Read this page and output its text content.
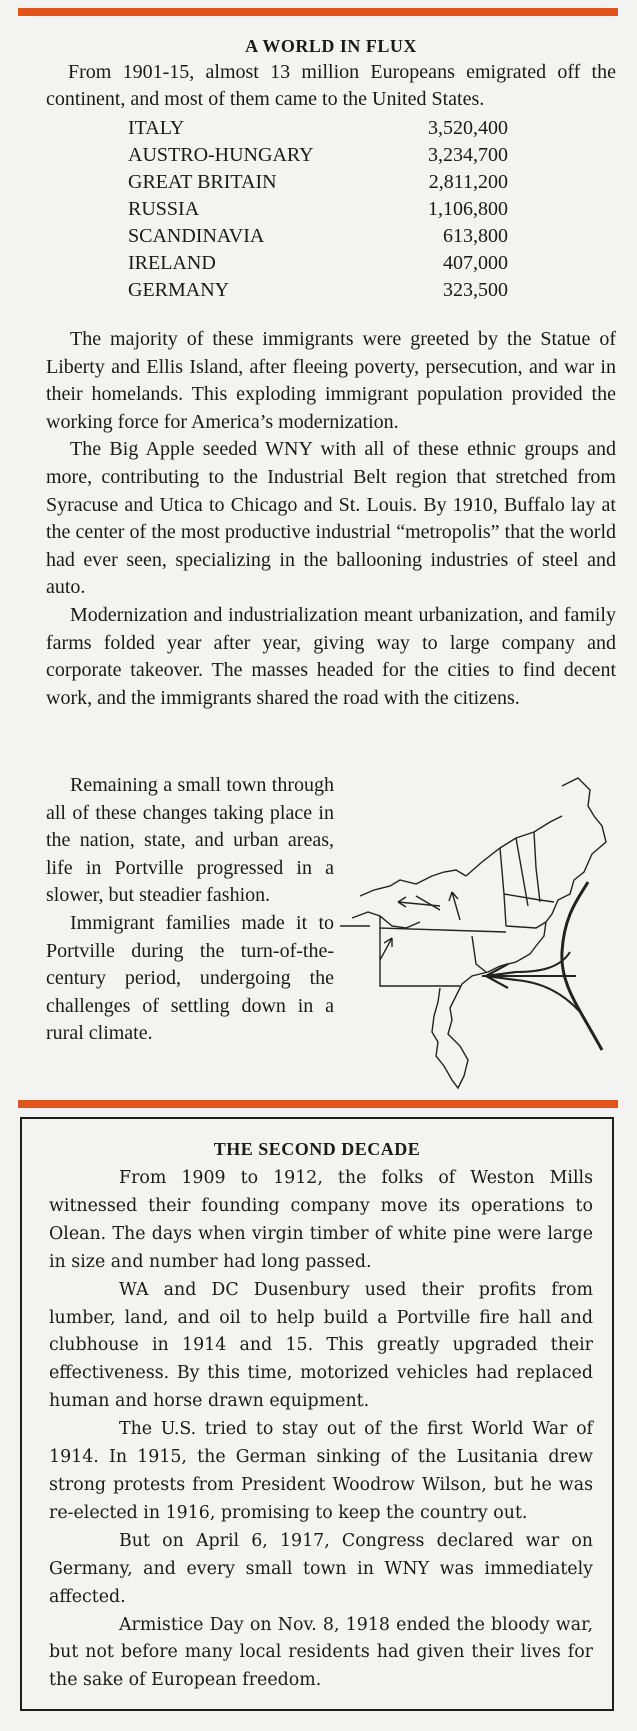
A WORLD IN FLUX
From 1901-15, almost 13 million Europeans emigrated off the continent, and most of them came to the United States.
ITALY	3,520,400
AUSTRO-HUNGARY	3,234,700
GREAT BRITAIN	2,811,200
RUSSIA	1,106,800
SCANDINAVIA	613,800
IRELAND	407,000
GERMANY	323,500

The majority of these immigrants were greeted by the Statue of Liberty and Ellis Island, after fleeing poverty, persecution, and war in their homelands. This exploding immigrant population provided the working force for America’s modernization.

The Big Apple seeded WNY with all of these ethnic groups and more, contributing to the Industrial Belt region that stretched from Syracuse and Utica to Chicago and St. Louis. By 1910, Buffalo lay at the center of the most productive industrial “metropolis” that the world had ever seen, specializing in the ballooning industries of steel and auto.

Modernization and industrialization meant urbanization, and family farms folded year after year, giving way to large company and corporate takeover. The masses headed for the cities to find decent work, and the immigrants shared the road with the citizens.

Remaining a small town through all of these changes taking place in the nation, state, and urban areas, life in Portville progressed in a slower, but steadier fashion.

Immigrant families made it to Portville during the turn-of-the-century period, undergoing the challenges of settling down in a rural climate.

THE SECOND DECADE

From 1909 to 1912, the folks of Weston Mills witnessed their founding company move its operations to Olean. The days when virgin timber of white pine were large in size and number had long passed.

WA and DC Dusenbury used their profits from lumber, land, and oil to help build a Portville fire hall and clubhouse in 1914 and 15. This greatly upgraded their effectiveness. By this time, motorized vehicles had replaced human and horse drawn equipment.

The U.S. tried to stay out of the first World War of 1914. In 1915, the German sinking of the Lusitania drew strong protests from President Woodrow Wilson, but he was re-elected in 1916, promising to keep the country out.

But on April 6, 1917, Congress declared war on Germany, and every small town in WNY was immediately affected.

Armistice Day on Nov. 8, 1918 ended the bloody war, but not before many local residents had given their lives for the sake of European freedom.
